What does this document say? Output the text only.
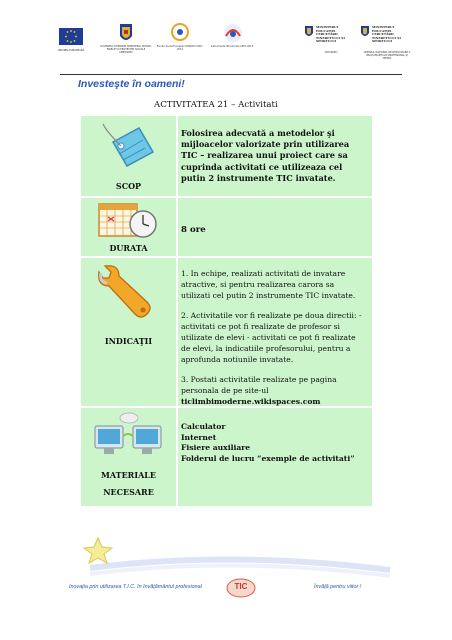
UNIUNEA EUROPEANĂ
GUVERNUL ROMÂNIEI MINISTERUL MUNCII, FAMILIEI ȘI PROTECȚIEI SOCIALE AMPOSDRU
Fondul Social European POSDRU 2007-2013
Instrumente Structurale 2007-2013
MINISTERUL EDUCAȚIEI CERCETĂRII TINERETULUI ȘI SPORTULUI
OIPOSDRU
MINISTERUL EDUCAȚIEI CERCETĂRII TINERETULUI ȘI SPORTULUI
CENTRUL NAȚIONAL DE DEZVOLTARE A ÎNVĂȚĂMÂNTULUI PROFESIONAL ȘI TEHNIC
Investeşte în oameni!
ACTIVITATEA 21 – Activitati
SCOP
Folosirea adecvată a metodelor şi mijloacelor valorizate prin utilizarea TIC – realizarea unui proiect care sa cuprinda activitati ce utilizeaza cel putin 2 instrumente TIC invatate.
DURATA
8 ore
INDICAŢII

1. In echipe, realizati activitati de invatare atractive, si pentru realizarea carora sa utilizati cel putin 2 instrumente TIC invatate.

2. Activitatile vor fi realizate pe doua directii: - activitati ce pot fi realizate de profesor si utilizate de elevi - activitati ce pot fi realizate de elevi, la indicatiile profesorului, pentru a aprofunda notiunile invatate.

3. Postati activitatile realizate pe pagina personala de pe site-ul ticlimbimoderne.wikispaces.com

MATERIALE
NECESARE
Calculator
Internet
Fisiere auxiliare
Folderul de lucru “exemple de activitati”
Inovaţia prin utilizarea T.I.C. în învăţământul profesional	TIC	Învăţă pentru viitor !
